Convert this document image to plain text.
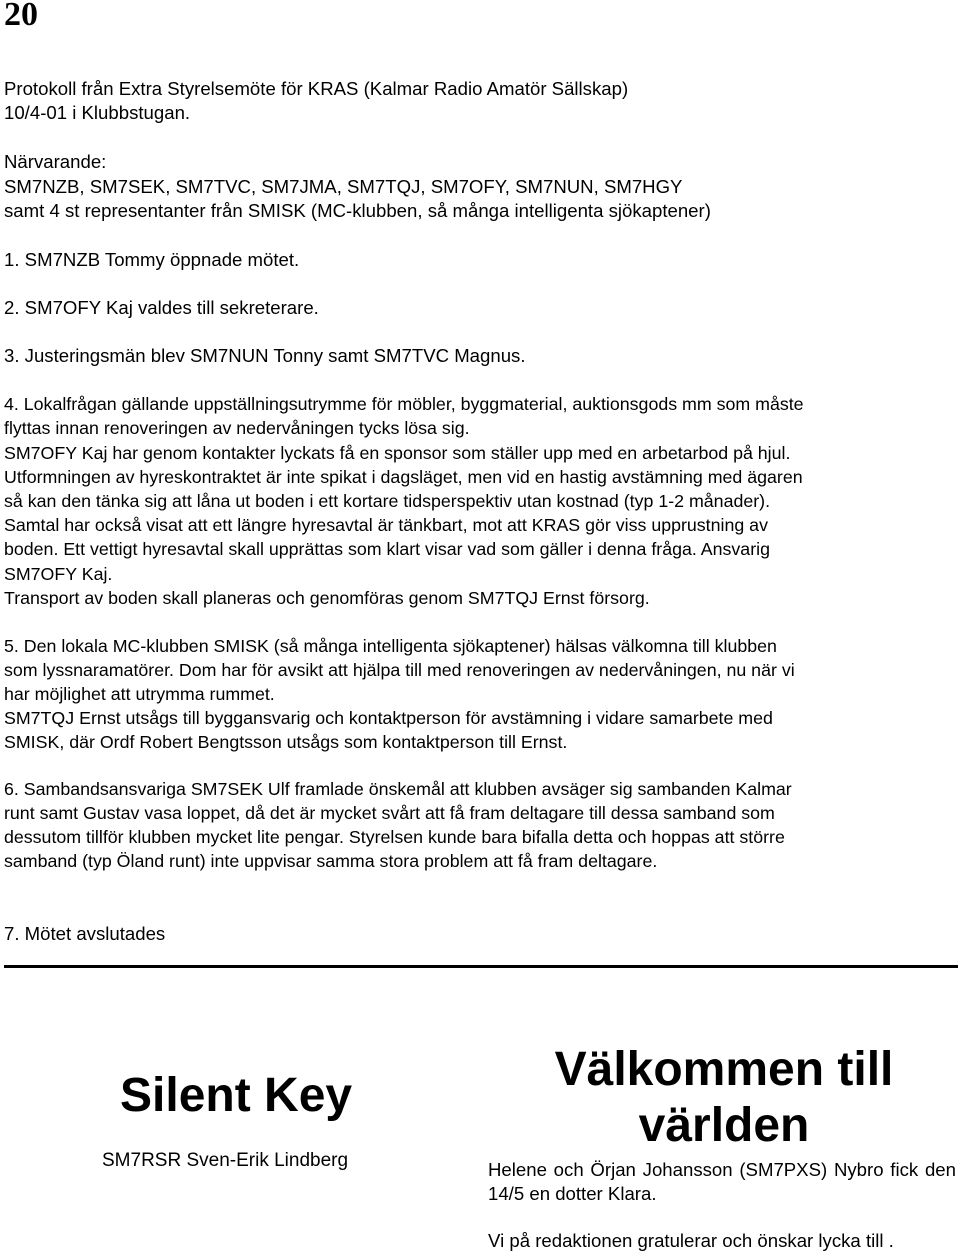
20

Protokoll från Extra Styrelsemöte för KRAS (Kalmar Radio Amatör Sällskap)

10/4-01 i Klubbstugan.

Närvarande:

SM7NZB, SM7SEK, SM7TVC, SM7JMA, SM7TQJ, SM7OFY, SM7NUN, SM7HGY

samt 4 st representanter från SMISK (MC-klubben, så många intelligenta sjökaptener)

1. SM7NZB Tommy öppnade mötet.

2. SM7OFY Kaj valdes till sekreterare.

3. Justeringsmän blev SM7NUN Tonny samt SM7TVC Magnus.

4. Lokalfrågan gällande uppställningsutrymme för möbler, byggmaterial, auktionsgods mm som måste

flyttas innan renoveringen av nedervåningen tycks lösa sig.

SM7OFY Kaj har genom kontakter lyckats få en sponsor som ställer upp med en arbetarbod på hjul.

Utformningen av hyreskontraktet är inte spikat i dagsläget, men vid en hastig avstämning med ägaren

så kan den tänka sig att låna ut boden i ett kortare tidsperspektiv utan kostnad (typ 1-2 månader).

Samtal har också visat att ett längre hyresavtal är tänkbart, mot att KRAS gör viss upprustning av

boden. Ett vettigt hyresavtal skall upprättas som klart visar vad som gäller i denna fråga. Ansvarig

SM7OFY Kaj.

Transport av boden skall planeras och genomföras genom SM7TQJ Ernst försorg.

5. Den lokala MC-klubben SMISK (så många intelligenta sjökaptener) hälsas välkomna till klubben

som lyssnaramatörer. Dom har för avsikt att hjälpa till med renoveringen av nedervåningen, nu när vi

har möjlighet att utrymma rummet.

SM7TQJ Ernst utsågs till byggansvarig och kontaktperson för avstämning i vidare samarbete med

SMISK, där Ordf Robert Bengtsson utsågs som kontaktperson till Ernst.

6. Sambandsansvariga SM7SEK Ulf framlade önskemål att klubben avsäger sig sambanden Kalmar

runt samt Gustav vasa loppet, då det är mycket svårt att få fram deltagare till dessa samband som

dessutom tillför klubben mycket lite pengar. Styrelsen kunde bara bifalla detta och hoppas att större

samband (typ Öland runt) inte uppvisar samma stora problem att få fram deltagare.

7. Mötet avslutades

Silent Key

SM7RSR Sven-Erik Lindberg

Välkommen till
världen

Helene och Örjan Johansson (SM7PXS) Nybro fick den 14/5 en dotter Klara.

Vi på redaktionen gratulerar och önskar lycka till .
